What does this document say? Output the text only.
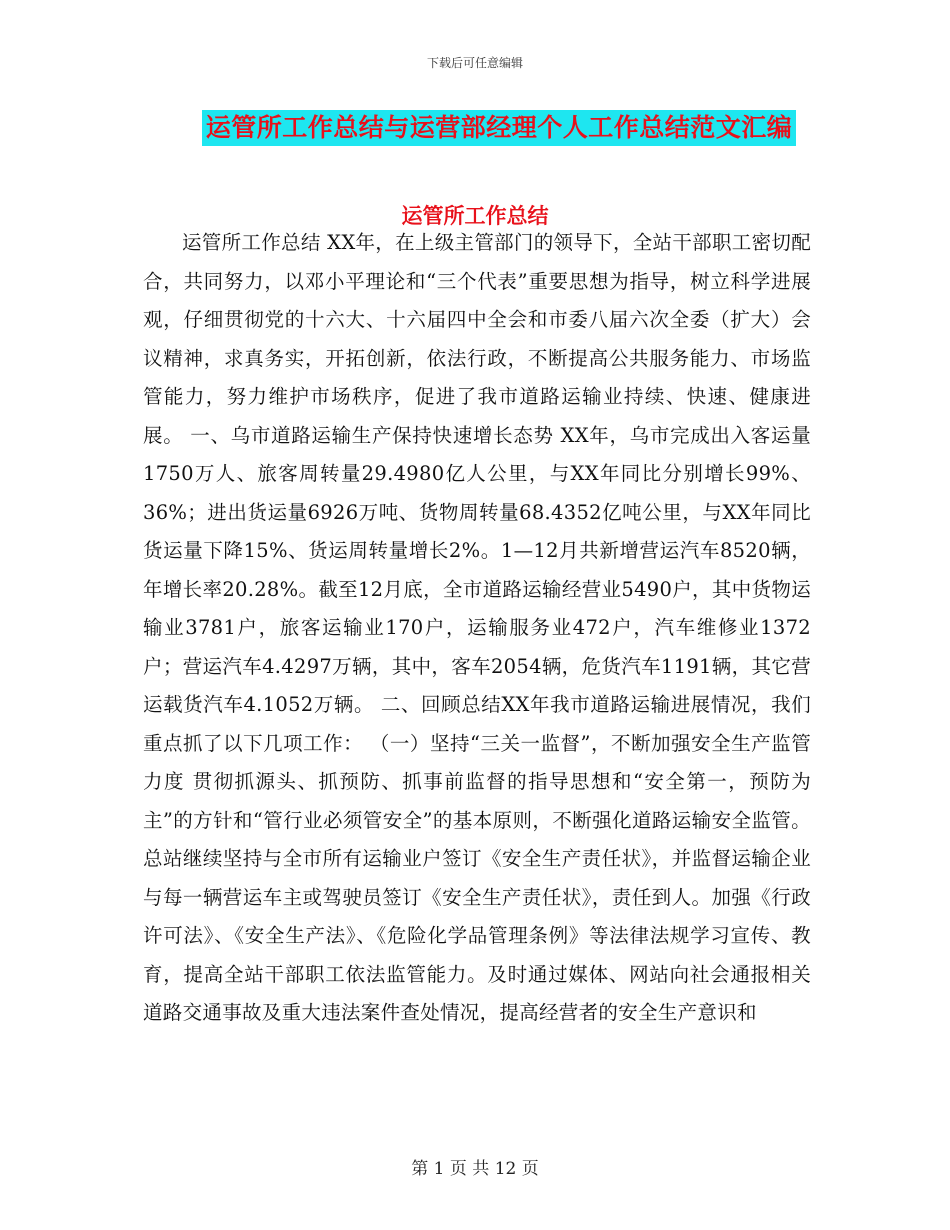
下载后可任意编辑
运管所工作总结与运营部经理个人工作总结范文汇编
运管所工作总结

运管所工作总结 XX年，在上级主管部门的领导下，全站干部职工密切配合，共同努力，以邓小平理论和“三个代表”重要思想为指导，树立科学进展观，仔细贯彻党的十六大、十六届四中全会和市委八届六次全委（扩大）会议精神，求真务实，开拓创新，依法行政，不断提高公共服务能力、市场监管能力，努力维护市场秩序，促进了我市道路运输业持续、快速、健康进展。 一、乌市道路运输生产保持快速增长态势 XX年，乌市完成出入客运量1750万人、旅客周转量29.4980亿人公里，与XX年同比分别增长99%、36%；进出货运量6926万吨、货物周转量68.4352亿吨公里，与XX年同比货运量下降15%、货运周转量增长2%。1—12月共新增营运汽车8520辆，年增长率20.28%。截至12月底，全市道路运输经营业5490户，其中货物运输业3781户，旅客运输业170户，运输服务业472户，汽车维修业1372户；营运汽车4.4297万辆，其中，客车2054辆，危货汽车1191辆，其它营运载货汽车4.1052万辆。 二、回顾总结XX年我市道路运输进展情况，我们重点抓了以下几项工作： （一）坚持“三关一监督”，不断加强安全生产监管力度 贯彻抓源头、抓预防、抓事前监督的指导思想和“安全第一，预防为主”的方针和“管行业必须管安全”的基本原则，不断强化道路运输安全监管。总站继续坚持与全市所有运输业户签订《安全生产责任状》，并监督运输企业与每一辆营运车主或驾驶员签订《安全生产责任状》，责任到人。加强《行政许可法》、《安全生产法》、《危险化学品管理条例》等法律法规学习宣传、教育，提高全站干部职工依法监管能力。及时通过媒体、网站向社会通报相关道路交通事故及重大违法案件查处情况，提高经营者的安全生产意识和

第 1 页 共 12 页
